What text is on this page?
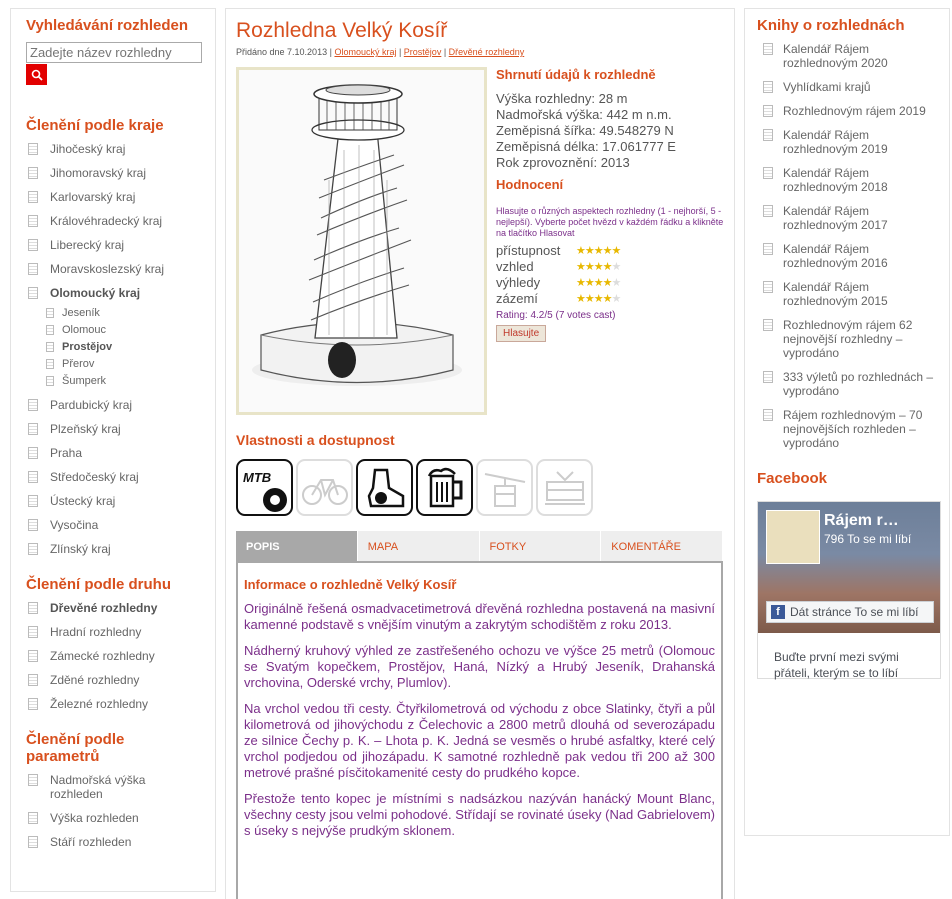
Vyhledávání rozhleden
Zadejte název rozhledny
Členění podle kraje
Jihočeský kraj
Jihomoravský kraj
Karlovarský kraj
Královéhradecký kraj
Liberecký kraj
Moravskoslezský kraj
Olomoucký kraj
Jeseník
Olomouc
Prostějov
Přerov
Šumperk
Pardubický kraj
Plzeňský kraj
Praha
Středočeský kraj
Ústecký kraj
Vysočina
Zlínský kraj
Členění podle druhu
Dřevěné rozhledny
Hradní rozhledny
Zámecké rozhledny
Zděné rozhledny
Železné rozhledny
Členění podle parametrů
Nadmořská výška rozhleden
Výška rozhleden
Stáří rozhleden
Rozhledna Velký Kosíř
Přidáno dne 7.10.2013 | Olomoucký kraj | Prostějov | Dřevěné rozhledny
Shrnutí údajů k rozhledně
Výška rozhledny: 28 m
Nadmořská výška: 442 m n.m.
Zeměpisná šířka: 49.548279 N
Zeměpisná délka: 17.061777 E
Rok zprovoznění: 2013
Hodnocení
Hlasujte o různých aspektech rozhledny (1 - nejhorší, 5 - nejlepší). Vyberte počet hvězd v každém řádku a klikněte na tlačítko Hlasovat
přístupnost	★ ★ ★ ★ ★
vzhled	★ ★ ★ ★ ★
výhledy	★ ★ ★ ★ ★
zázemí	★ ★ ★ ★ ★
Rating: 4.2/5 (7 votes cast)
Hlasujte
Vlastnosti a dostupnost
MTB
POPIS	MAPA	FOTKY	KOMENTÁŘE
Informace o rozhledně Velký Kosíř

Originálně řešená osmadvacetimetrová dřevěná rozhledna postavená na masivní kamenné podstavě s vnějším vinutým a zakrytým schodištěm z roku 2013.

Nádherný kruhový výhled ze zastřešeného ochozu ve výšce 25 metrů (Olomouc se Svatým kopečkem, Prostějov, Haná, Nízký a Hrubý Jeseník, Drahanská vrchovina, Oderské vrchy, Plumlov).

Na vrchol vedou tři cesty. Čtyřkilometrová od východu z obce Slatinky, čtyři a půl kilometrová od jihovýchodu z Čelechovic a 2800 metrů dlouhá od severozápadu ze silnice Čechy p. K. – Lhota p. K. Jedná se vesměs o hrubé asfaltky, které celý vrchol podjedou od jihozápadu. K samotné rozhledně pak vedou tři 200 až 300 metrové prašné písčitokamenité cesty do prudkého kopce.

Přestože tento kopec je místními s nadsázkou nazýván hanácký Mount Blanc, všechny cesty jsou velmi pohodové. Střídají se rovinaté úseky (Nad Gabrielovem) s úseky s nejvýše prudkým sklonem.

Knihy o rozhlednách
Kalendář Rájem rozhlednovým 2020
Vyhlídkami krajů
Rozhlednovým rájem 2019
Kalendář Rájem rozhlednovým 2019
Kalendář Rájem rozhlednovým 2018
Kalendář Rájem rozhlednovým 2017
Kalendář Rájem rozhlednovým 2016
Kalendář Rájem rozhlednovým 2015
Rozhlednovým rájem 62 nejnovější rozhledny – vyprodáno
333 výletů po rozhlednách – vyprodáno
Rájem rozhlednovým – 70 nejnovějších rozhleden – vyprodáno
Facebook
Rájem r…
796 To se mi líbí
f Dát stránce To se mi líbí
Buďte první mezi svými přáteli, kterým se to líbí
